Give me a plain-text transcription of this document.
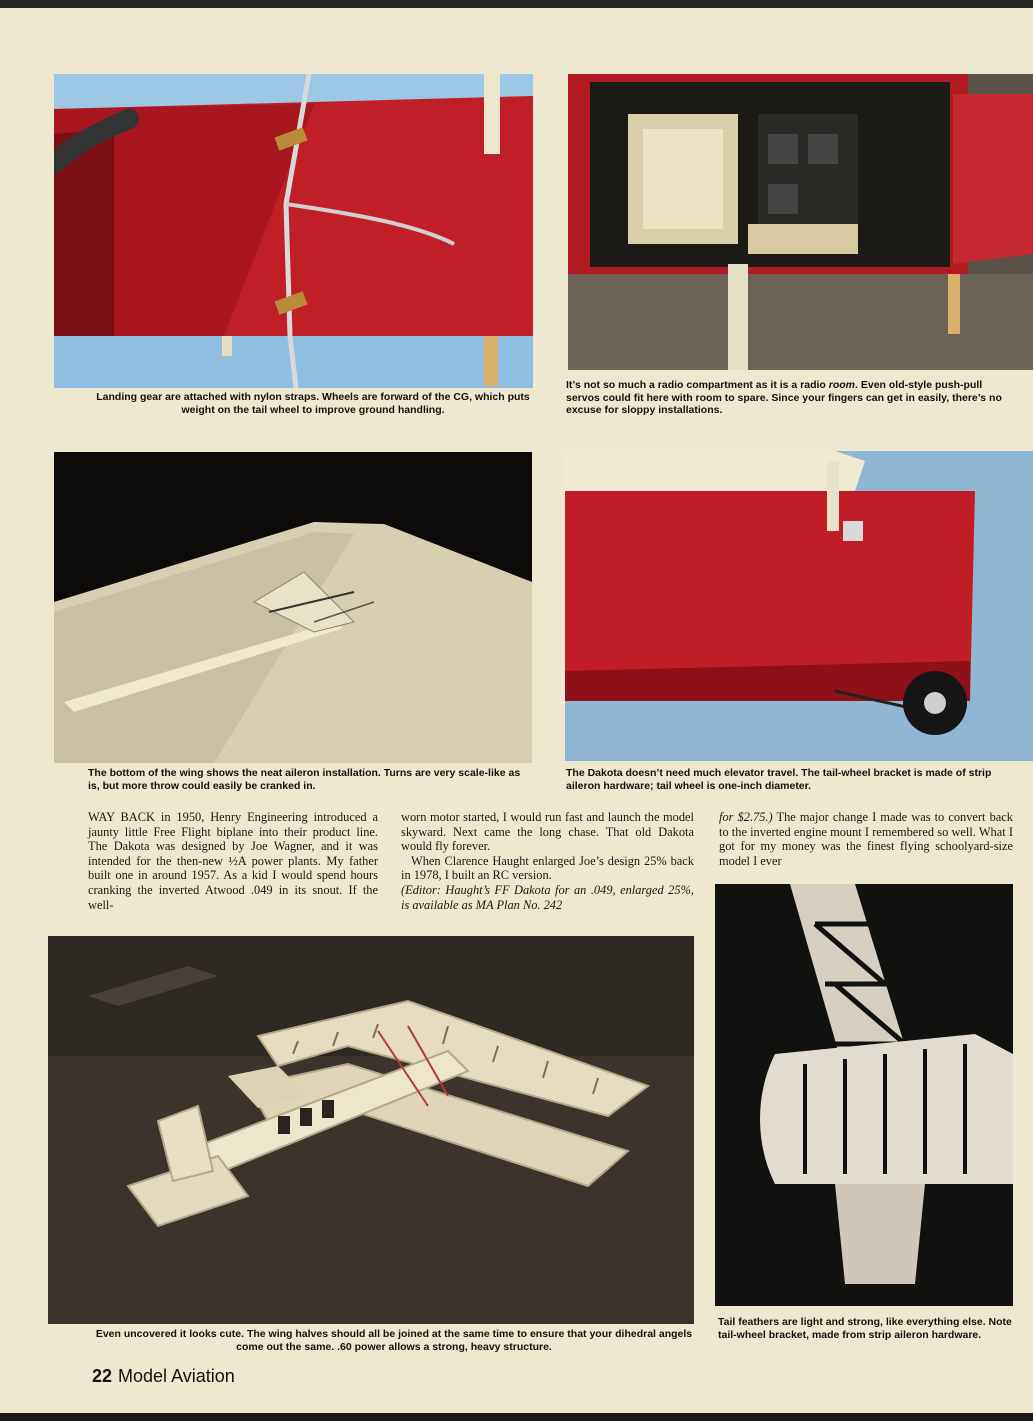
Landing gear are attached with nylon straps. Wheels are forward of the CG, which puts weight on the tail wheel to improve ground handling.

It’s not so much a radio compartment as it is a radio room. Even old-style push-pull servos could fit here with room to spare. Since your fingers can get in easily, there’s no excuse for sloppy installations.

The bottom of the wing shows the neat aileron installation. Turns are very scale-like as is, but more throw could easily be cranked in.

The Dakota doesn’t need much elevator travel. The tail-wheel bracket is made of strip aileron hardware; tail wheel is one-inch diameter.

WAY BACK in 1950, Henry Engineering introduced a jaunty little Free Flight biplane into their product line. The Dakota was designed by Joe Wagner, and it was intended for the then-new ½A power plants. My father built one in around 1957. As a kid I would spend hours cranking the inverted Atwood .049 in its snout. If the well-

worn motor started, I would run fast and launch the model skyward. Next came the long chase. That old Dakota would fly forever.

When Clarence Haught enlarged Joe’s design 25% back in 1978, I built an RC version.

(Editor: Haught’s FF Dakota for an .049, enlarged 25%, is available as MA Plan No. 242

for $2.75.) The major change I made was to convert back to the inverted engine mount I remembered so well. What I got for my money was the finest flying schoolyard-size model I ever

Even uncovered it looks cute. The wing halves should all be joined at the same time to ensure that your dihedral angels come out the same. .60 power allows a strong, heavy structure.

Tail feathers are light and strong, like everything else. Note tail-wheel bracket, made from strip aileron hardware.

22 Model Aviation
